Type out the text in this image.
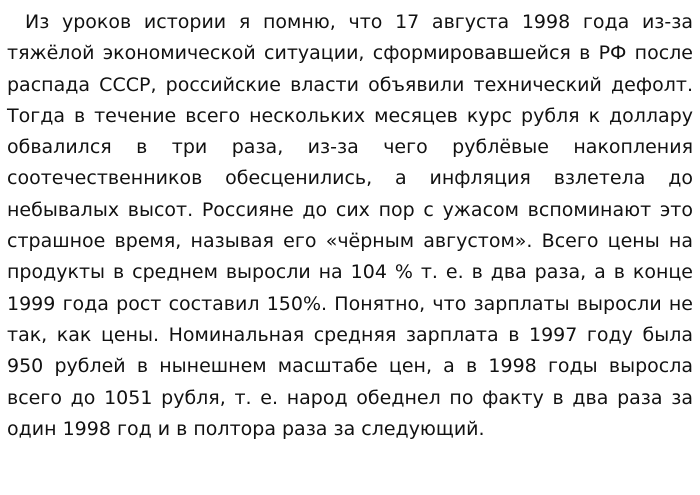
Из уроков истории я помню, что 17 августа 1998 года из-за тяжёлой экономической ситуации, сформировавшейся в РФ после распада СССР, российские власти объявили технический дефолт. Тогда в течение всего нескольких месяцев курс рубля к доллару обвалился в три раза, из-за чего рублёвые накопления соотечественников обесценились, а инфляция взлетела до небывалых высот. Россияне до сих пор с ужасом вспоминают это страшное время, называя его «чёрным августом». Всего цены на продукты в среднем выросли на 104 % т. е. в два раза, а в конце 1999 года рост составил 150%. Понятно, что зарплаты выросли не так, как цены. Номинальная средняя зарплата в 1997 году была 950 рублей в нынешнем масштабе цен, а в 1998 годы выросла всего до 1051 рубля, т. е. народ обеднел по факту в два раза за один 1998 год и в полтора раза за следующий.
